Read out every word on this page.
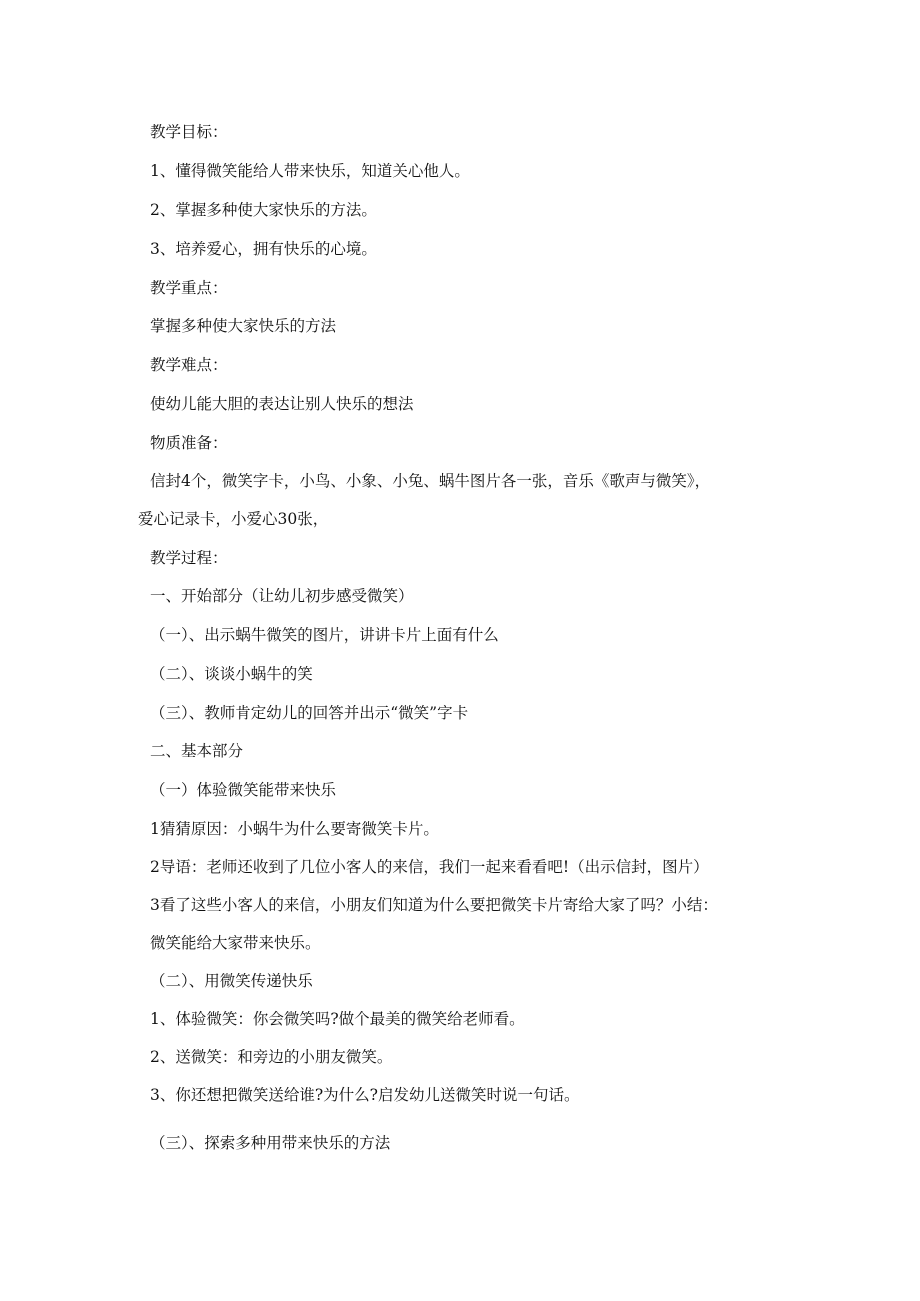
教学目标：
1、懂得微笑能给人带来快乐，知道关心他人。
2、掌握多种使大家快乐的方法。
3、培养爱心，拥有快乐的心境。
教学重点：
掌握多种使大家快乐的方法
教学难点：
使幼儿能大胆的表达让别人快乐的想法
物质准备：
信封4个，微笑字卡，小鸟、小象、小兔、蜗牛图片各一张，音乐《歌声与微笑》，
爱心记录卡，小爱心30张，
教学过程：
一、开始部分（让幼儿初步感受微笑）
（一）、出示蜗牛微笑的图片，讲讲卡片上面有什么
（二）、谈谈小蜗牛的笑
（三）、教师肯定幼儿的回答并出示“微笑”字卡
二、基本部分
（一）体验微笑能带来快乐
1猜猜原因：小蜗牛为什么要寄微笑卡片。
2导语：老师还收到了几位小客人的来信，我们一起来看看吧!（出示信封，图片）
3看了这些小客人的来信，小朋友们知道为什么要把微笑卡片寄给大家了吗？小结：
微笑能给大家带来快乐。
（二）、用微笑传递快乐
1、体验微笑：你会微笑吗?做个最美的微笑给老师看。
2、送微笑：和旁边的小朋友微笑。
3、你还想把微笑送给谁?为什么?启发幼儿送微笑时说一句话。
（三）、探索多种用带来快乐的方法
